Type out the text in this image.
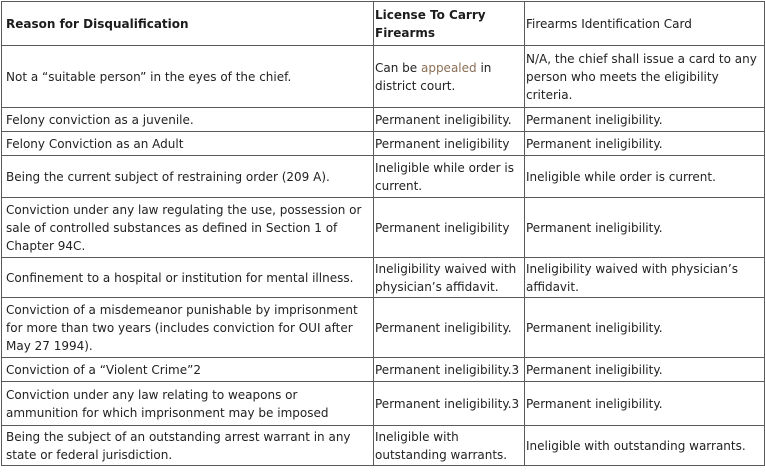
Reason for Disqualification	License To Carry Firearms	Firearms Identification Card
Not a “suitable person” in the eyes of the chief.	Can be appealed in district court.	N/A, the chief shall issue a card to any person who meets the eligibility criteria.
Felony conviction as a juvenile.	Permanent ineligibility.	Permanent ineligibility.
Felony Conviction as an Adult	Permanent ineligibility	Permanent ineligibility.
Being the current subject of restraining order (209 A).	Ineligible while order is current.	Ineligible while order is current.
Conviction under any law regulating the use, possession or sale of controlled substances as defined in Section 1 of Chapter 94C.	Permanent ineligibility	Permanent ineligibility.
Confinement to a hospital or institution for mental illness.	Ineligibility waived with physician’s affidavit.	Ineligibility waived with physician’s affidavit.
Conviction of a misdemeanor punishable by imprisonment for more than two years (includes conviction for OUI after May 27 1994).	Permanent ineligibility.	Permanent ineligibility.
Conviction of a “Violent Crime”2	Permanent ineligibility.3	Permanent ineligibility.
Conviction under any law relating to weapons or ammunition for which imprisonment may be imposed	Permanent ineligibility.3	Permanent ineligibility.
Being the subject of an outstanding arrest warrant in any state or federal jurisdiction.	Ineligible with outstanding warrants.	Ineligible with outstanding warrants.
